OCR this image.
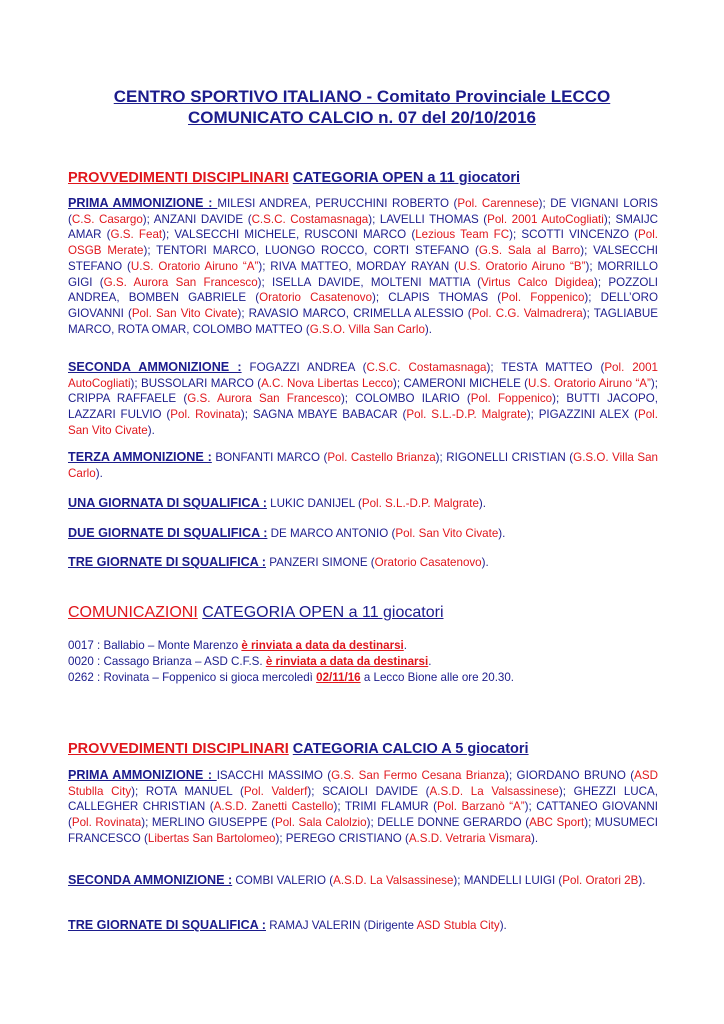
CENTRO SPORTIVO ITALIANO - Comitato Provinciale LECCO

COMUNICATO CALCIO n. 07 del 20/10/2016

PROVVEDIMENTI DISCIPLINARI CATEGORIA OPEN a 11 giocatori

PRIMA AMMONIZIONE : MILESI ANDREA, PERUCCHINI ROBERTO (Pol. Carennese); DE VIGNANI LORIS (C.S. Casargo); ANZANI DAVIDE (C.S.C. Costamasnaga); LAVELLI THOMAS (Pol. 2001 AutoCogliati); SMAIJC AMAR (G.S. Feat); VALSECCHI MICHELE, RUSCONI MARCO (Lezious Team FC); SCOTTI VINCENZO (Pol. OSGB Merate); TENTORI MARCO, LUONGO ROCCO, CORTI STEFANO (G.S. Sala al Barro); VALSECCHI STEFANO (U.S. Oratorio Airuno “A”); RIVA MATTEO, MORDAY RAYAN (U.S. Oratorio Airuno “B”); MORRILLO GIGI (G.S. Aurora San Francesco); ISELLA DAVIDE, MOLTENI MATTIA (Virtus Calco Digidea); POZZOLI ANDREA, BOMBEN GABRIELE (Oratorio Casatenovo); CLAPIS THOMAS (Pol. Foppenico); DELL’ORO GIOVANNI (Pol. San Vito Civate); RAVASIO MARCO, CRIMELLA ALESSIO (Pol. C.G. Valmadrera); TAGLIABUE MARCO, ROTA OMAR, COLOMBO MATTEO (G.S.O. Villa San Carlo).

SECONDA AMMONIZIONE : FOGAZZI ANDREA (C.S.C. Costamasnaga); TESTA MATTEO (Pol. 2001 AutoCogliati); BUSSOLARI MARCO (A.C. Nova Libertas Lecco); CAMERONI MICHELE (U.S. Oratorio Airuno “A”); CRIPPA RAFFAELE (G.S. Aurora San Francesco); COLOMBO ILARIO (Pol. Foppenico); BUTTI JACOPO, LAZZARI FULVIO (Pol. Rovinata); SAGNA MBAYE BABACAR (Pol. S.L.-D.P. Malgrate); PIGAZZINI ALEX (Pol. San Vito Civate).

TERZA AMMONIZIONE : BONFANTI MARCO (Pol. Castello Brianza); RIGONELLI CRISTIAN (G.S.O. Villa San Carlo).

UNA GIORNATA DI SQUALIFICA : LUKIC DANIJEL (Pol. S.L.-D.P. Malgrate).

DUE GIORNATE DI SQUALIFICA : DE MARCO ANTONIO (Pol. San Vito Civate).

TRE GIORNATE DI SQUALIFICA : PANZERI SIMONE (Oratorio Casatenovo).

COMUNICAZIONI CATEGORIA OPEN a 11 giocatori

0017 : Ballabio – Monte Marenzo è rinviata a data da destinarsi.

0020 : Cassago Brianza – ASD C.F.S. è rinviata a data da destinarsi.

0262 : Rovinata – Foppenico si gioca mercoledì 02/11/16 a Lecco Bione alle ore 20.30.

PROVVEDIMENTI DISCIPLINARI CATEGORIA CALCIO A 5 giocatori

PRIMA AMMONIZIONE : ISACCHI MASSIMO (G.S. San Fermo Cesana Brianza); GIORDANO BRUNO (ASD Stublla City); ROTA MANUEL (Pol. Valderf); SCAIOLI DAVIDE (A.S.D. La Valsassinese); GHEZZI LUCA, CALLEGHER CHRISTIAN (A.S.D. Zanetti Castello); TRIMI FLAMUR (Pol. Barzanò “A”); CATTANEO GIOVANNI (Pol. Rovinata); MERLINO GIUSEPPE (Pol. Sala Calolzio); DELLE DONNE GERARDO (ABC Sport); MUSUMECI FRANCESCO (Libertas San Bartolomeo); PEREGO CRISTIANO (A.S.D. Vetraria Vismara).

SECONDA AMMONIZIONE : COMBI VALERIO (A.S.D. La Valsassinese); MANDELLI LUIGI (Pol. Oratori 2B).

TRE GIORNATE DI SQUALIFICA : RAMAJ VALERIN (Dirigente ASD Stubla City).
